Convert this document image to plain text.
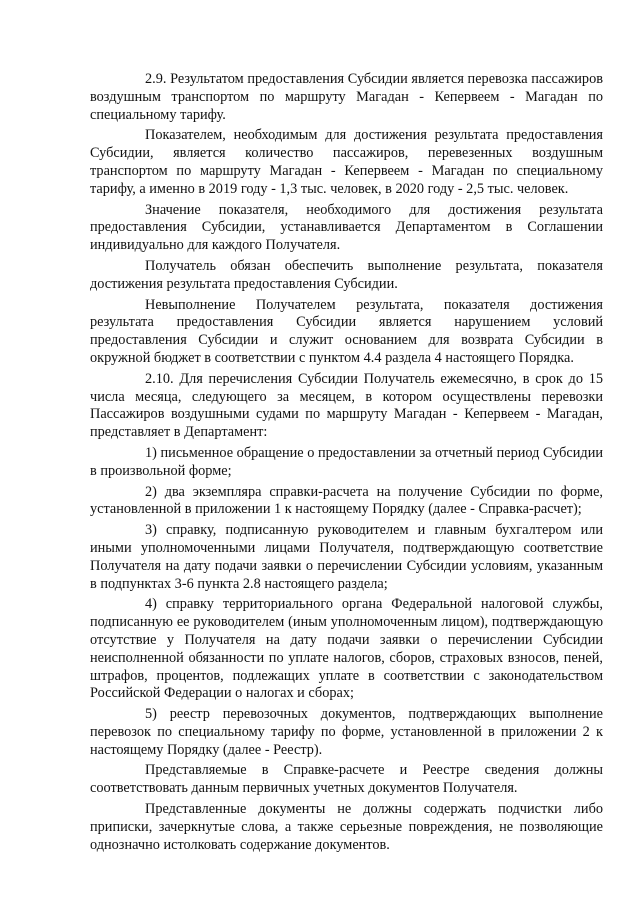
2.9. Результатом предоставления Субсидии является перевозка пассажиров воздушным транспортом по маршруту Магадан - Кепервеем - Магадан по специальному тарифу.

Показателем, необходимым для достижения результата предоставления Субсидии, является количество пассажиров, перевезенных воздушным транспортом по маршруту Магадан - Кепервеем - Магадан по специальному тарифу, а именно в 2019 году - 1,3 тыс. человек, в 2020 году - 2,5 тыс. человек.

Значение показателя, необходимого для достижения результата предоставления Субсидии, устанавливается Департаментом в Соглашении индивидуально для каждого Получателя.

Получатель обязан обеспечить выполнение результата, показателя достижения результата предоставления Субсидии.

Невыполнение Получателем результата, показателя достижения результата предоставления Субсидии является нарушением условий предоставления Субсидии и служит основанием для возврата Субсидии в окружной бюджет в соответствии с пунктом 4.4 раздела 4 настоящего Порядка.

2.10. Для перечисления Субсидии Получатель ежемесячно, в срок до 15 числа месяца, следующего за месяцем, в котором осуществлены перевозки Пассажиров воздушными судами по маршруту Магадан - Кепервеем - Магадан, представляет в Департамент:

1) письменное обращение о предоставлении за отчетный период Субсидии в произвольной форме;

2) два экземпляра справки-расчета на получение Субсидии по форме, установленной в приложении 1 к настоящему Порядку (далее - Справка-расчет);

3) справку, подписанную руководителем и главным бухгалтером или иными уполномоченными лицами Получателя, подтверждающую соответствие Получателя на дату подачи заявки о перечислении Субсидии условиям, указанным в подпунктах 3-6 пункта 2.8 настоящего раздела;

4) справку территориального органа Федеральной налоговой службы, подписанную ее руководителем (иным уполномоченным лицом), подтверждающую отсутствие у Получателя на дату подачи заявки о перечислении Субсидии неисполненной обязанности по уплате налогов, сборов, страховых взносов, пеней, штрафов, процентов, подлежащих уплате в соответствии с законодательством Российской Федерации о налогах и сборах;

5) реестр перевозочных документов, подтверждающих выполнение перевозок по специальному тарифу по форме, установленной в приложении 2 к настоящему Порядку (далее - Реестр).

Представляемые в Справке-расчете и Реестре сведения должны соответствовать данным первичных учетных документов Получателя.

Представленные документы не должны содержать подчистки либо приписки, зачеркнутые слова, а также серьезные повреждения, не позволяющие однозначно истолковать содержание документов.
